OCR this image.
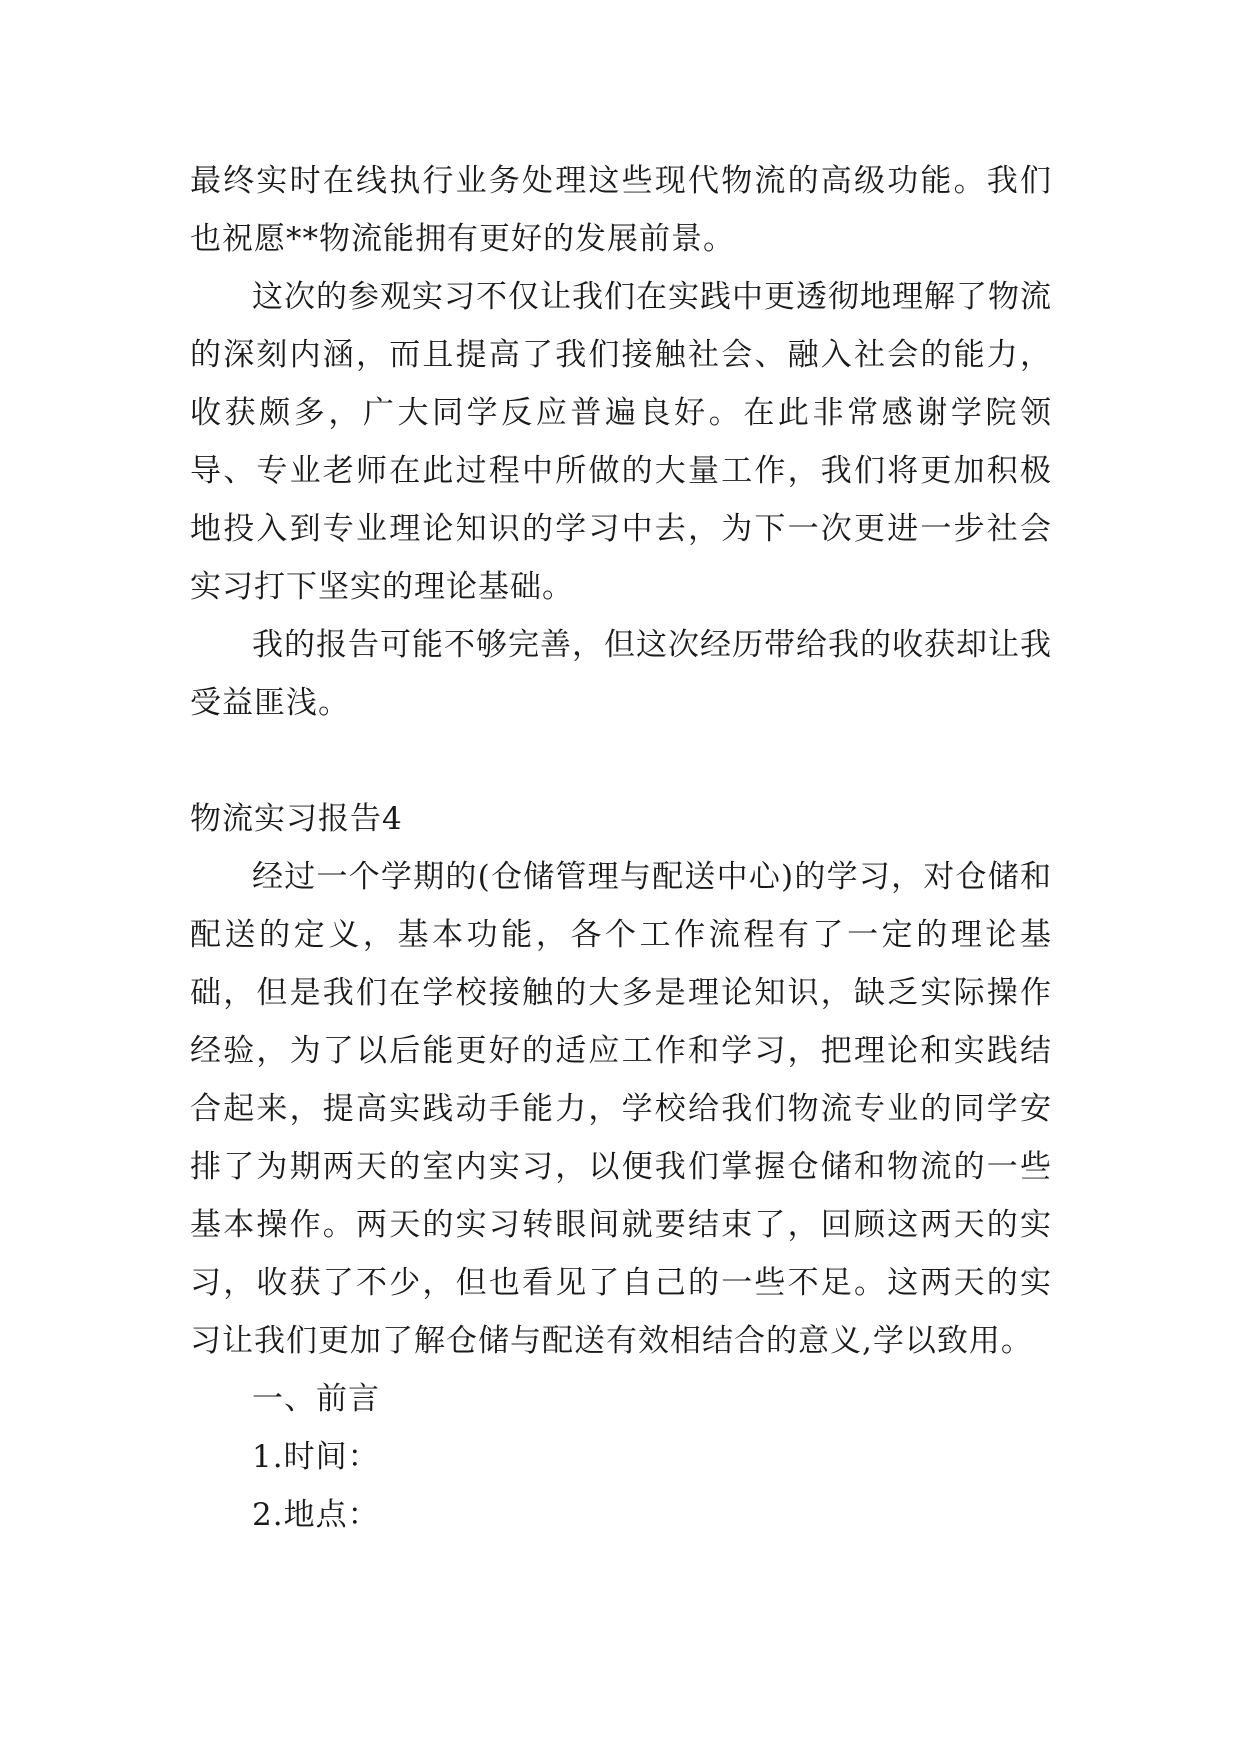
最终实时在线执行业务处理这些现代物流的高级功能。我们也祝愿**物流能拥有更好的发展前景。

这次的参观实习不仅让我们在实践中更透彻地理解了物流的深刻内涵，而且提高了我们接触社会、融入社会的能力，收获颇多，广大同学反应普遍良好。在此非常感谢学院领导、专业老师在此过程中所做的大量工作，我们将更加积极地投入到专业理论知识的学习中去，为下一次更进一步社会实习打下坚实的理论基础。

我的报告可能不够完善，但这次经历带给我的收获却让我受益匪浅。

物流实习报告4

经过一个学期的(仓储管理与配送中心)的学习，对仓储和配送的定义，基本功能，各个工作流程有了一定的理论基础，但是我们在学校接触的大多是理论知识，缺乏实际操作经验，为了以后能更好的适应工作和学习，把理论和实践结合起来，提高实践动手能力，学校给我们物流专业的同学安排了为期两天的室内实习，以便我们掌握仓储和物流的一些基本操作。两天的实习转眼间就要结束了，回顾这两天的实习，收获了不少，但也看见了自己的一些不足。这两天的实习让我们更加了解仓储与配送有效相结合的意义,学以致用。

一、前言

1.时间：

2.地点：
